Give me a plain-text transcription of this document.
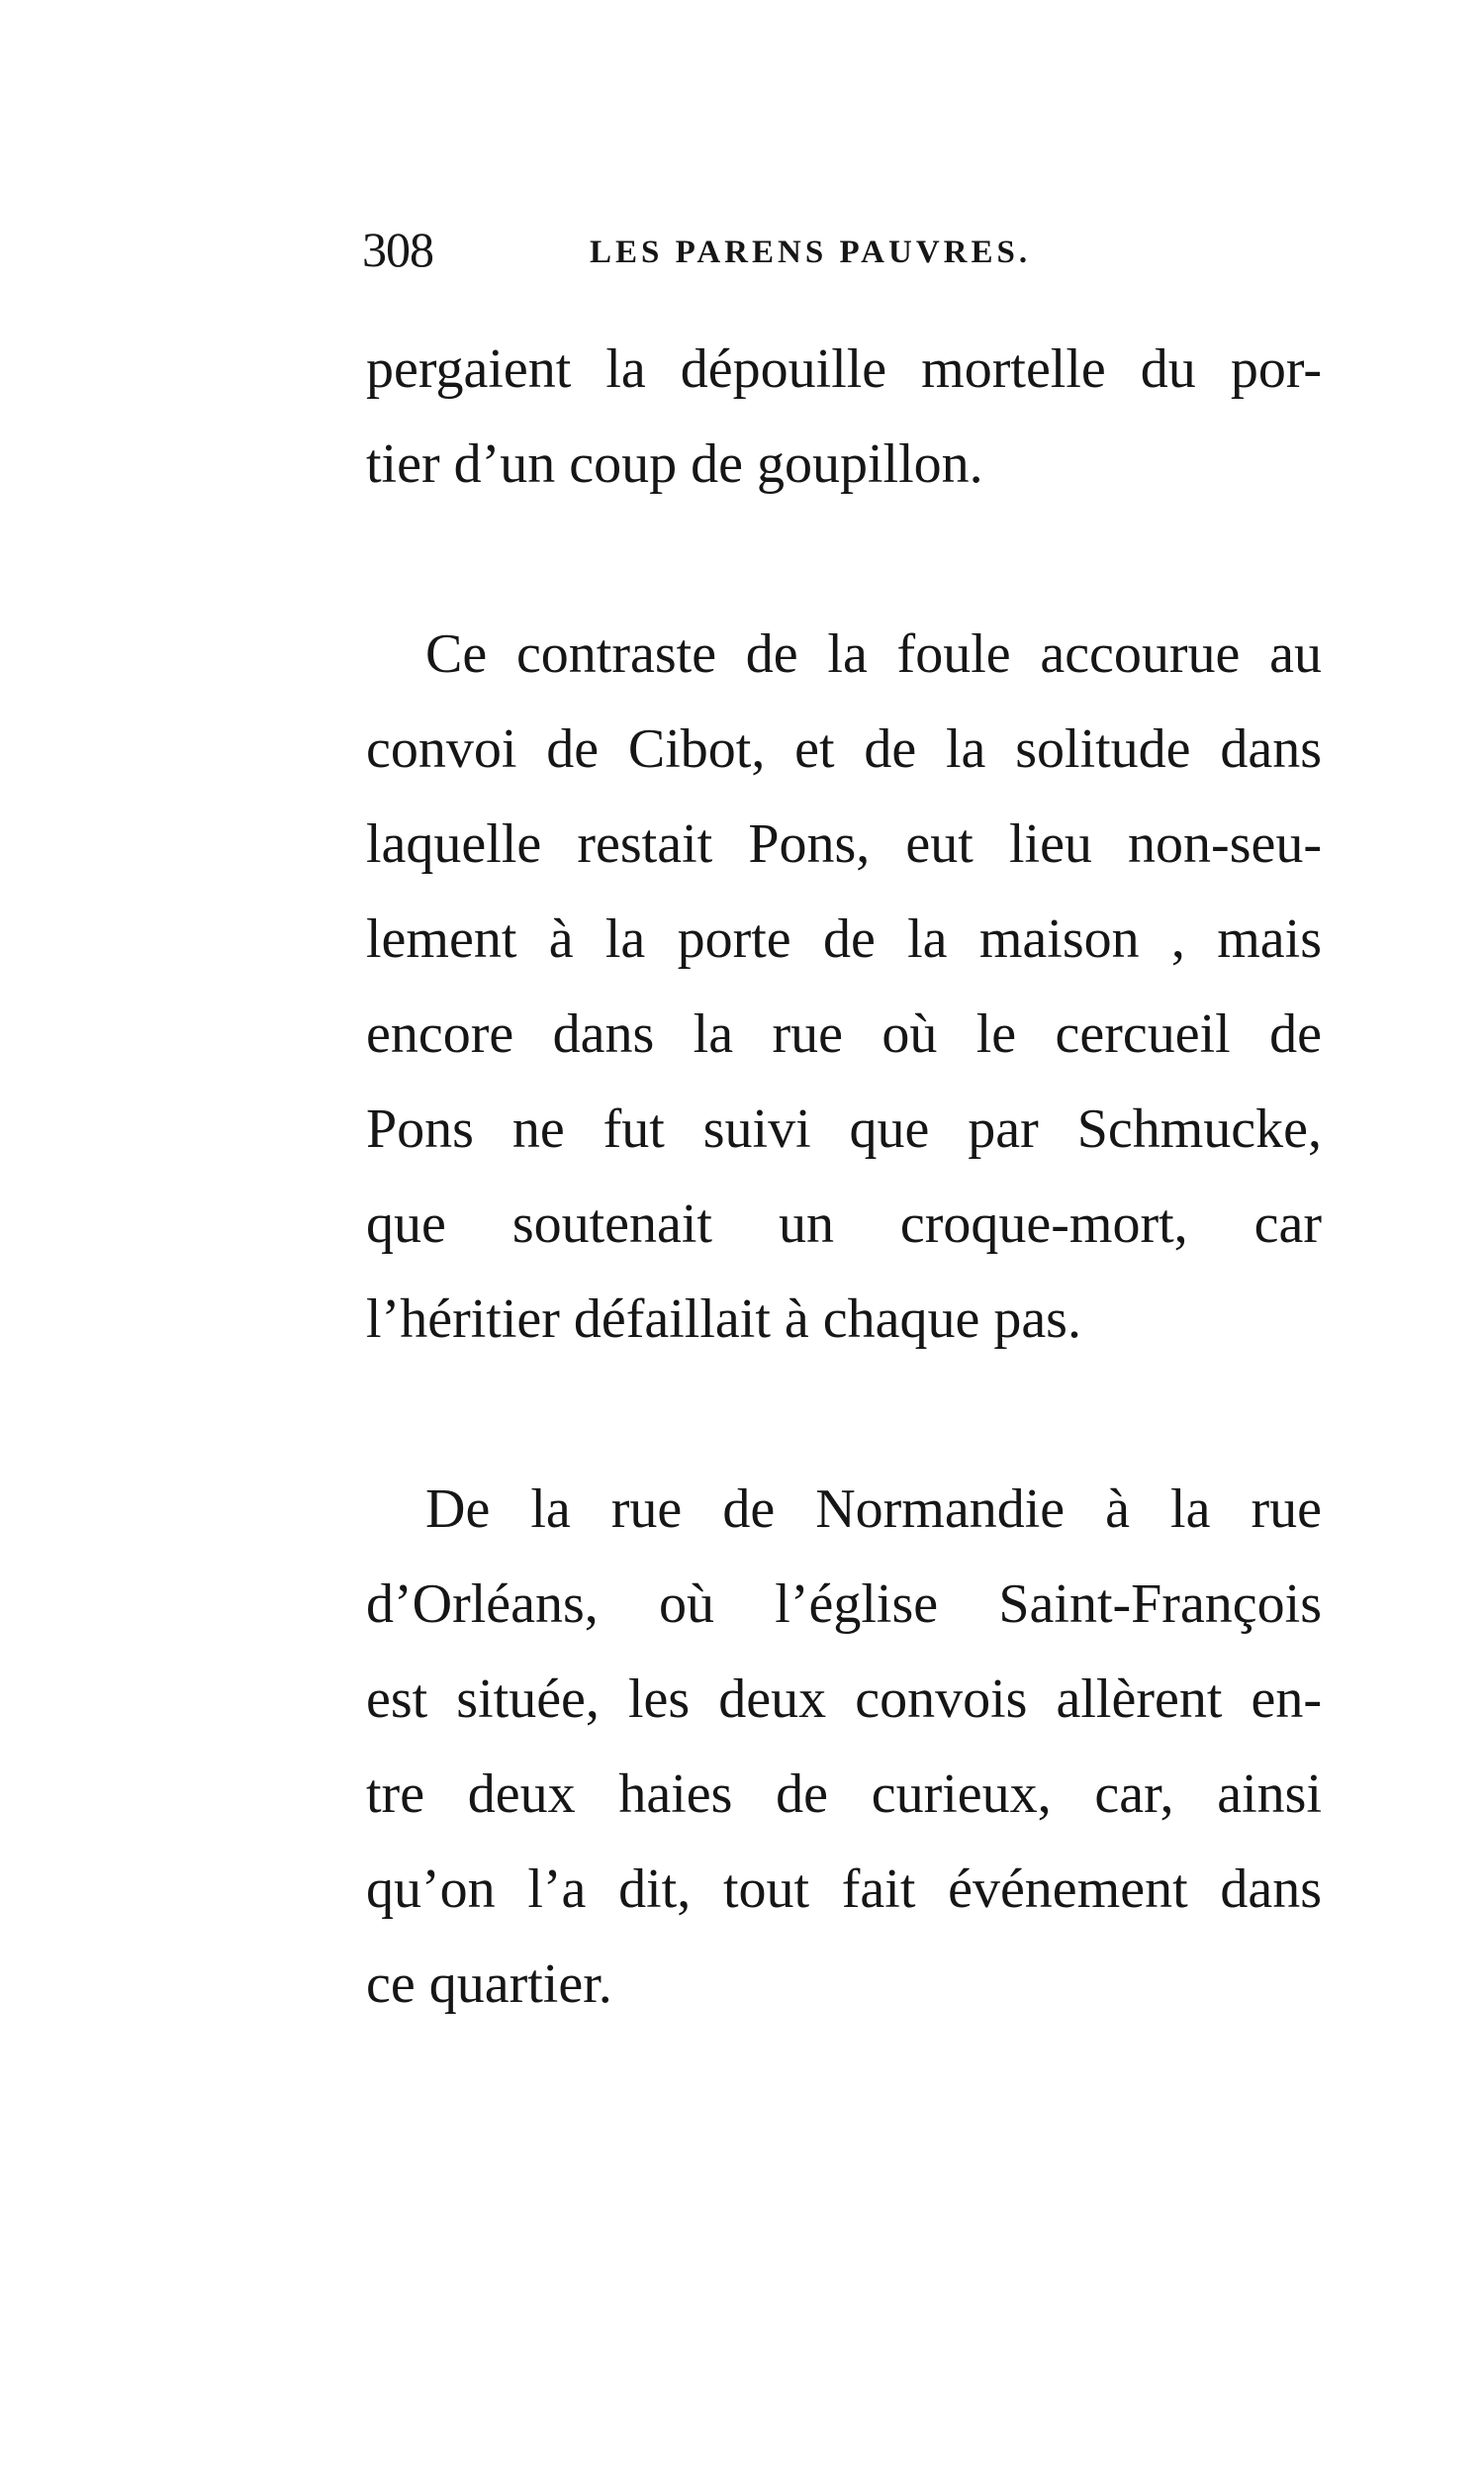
308	LES PARENS PAUVRES.
pergaient la dépouille mortelle du por-
tier d’un coup de goupillon.
Ce contraste de la foule accourue au
convoi de Cibot, et de la solitude dans
laquelle restait Pons, eut lieu non-seu-
lement à la porte de la maison , mais
encore dans la rue où le cercueil de
Pons ne fut suivi que par Schmucke,
que soutenait un croque-mort, car
l’héritier défaillait à chaque pas.
De la rue de Normandie à la rue
d’Orléans, où l’église Saint-François
est située, les deux convois allèrent en-
tre deux haies de curieux, car, ainsi
qu’on l’a dit, tout fait événement dans
ce quartier.
